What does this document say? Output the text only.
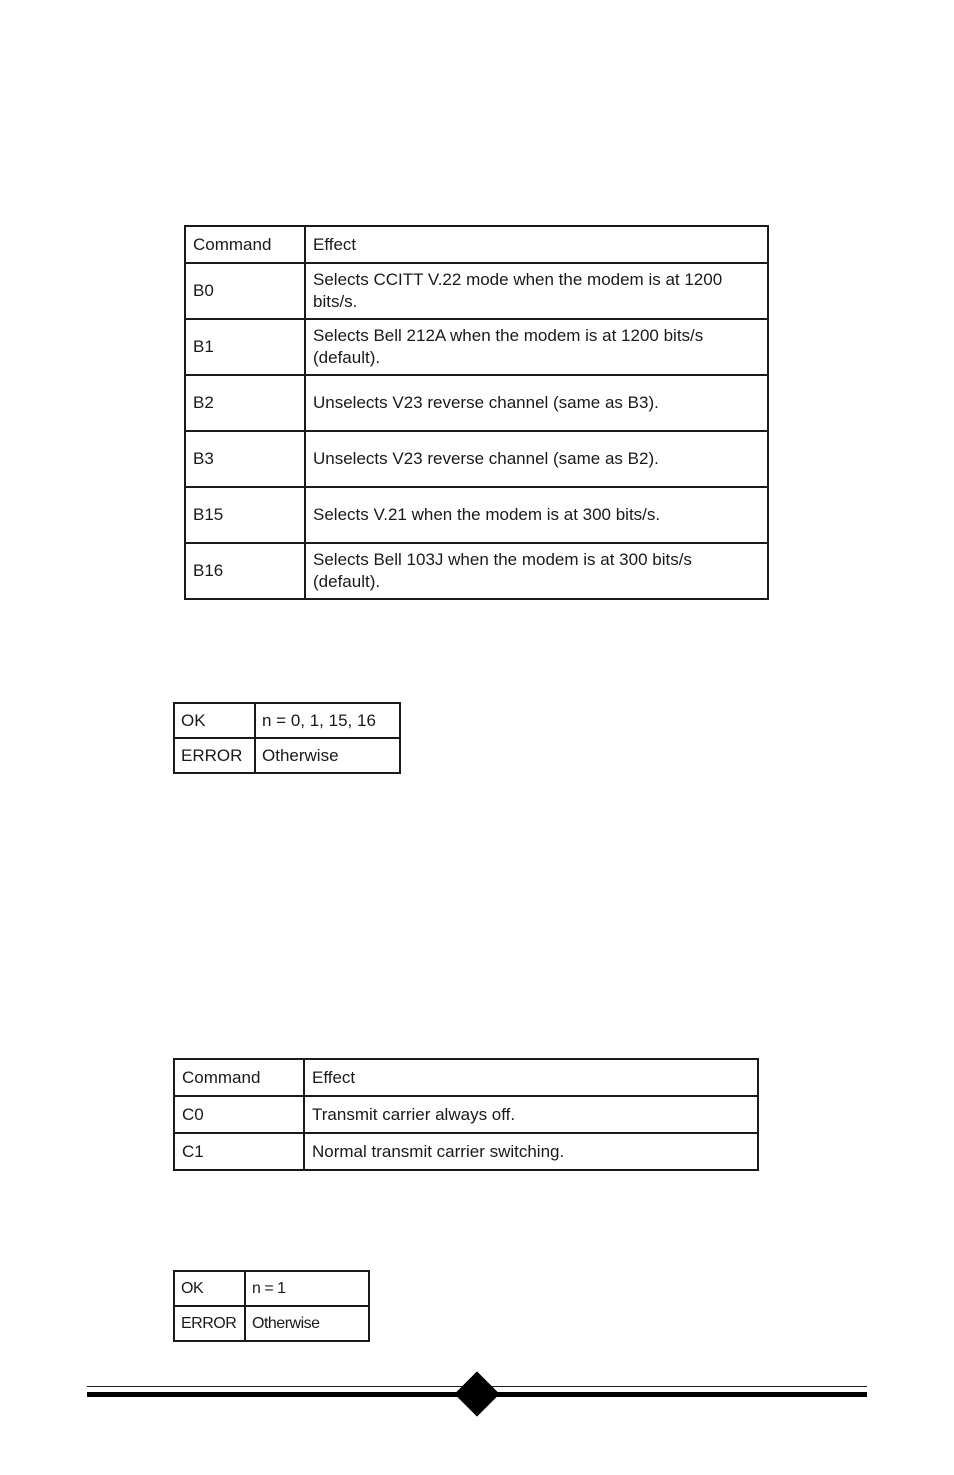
Command	Effect
B0	Selects CCITT V.22 mode when the modem is at 1200 bits/s.
B1	Selects Bell 212A when the modem is at 1200 bits/s (default).
B2	Unselects V23 reverse channel (same as B3).
B3	Unselects V23 reverse channel (same as B2).
B15	Selects V.21 when the modem is at 300 bits/s.
B16	Selects Bell 103J when the modem is at 300 bits/s (default).
OK	n = 0, 1, 15, 16
ERROR	Otherwise
Command	Effect
C0	Transmit carrier always off.
C1	Normal transmit carrier switching.
OK	n = 1
ERROR	Otherwise
